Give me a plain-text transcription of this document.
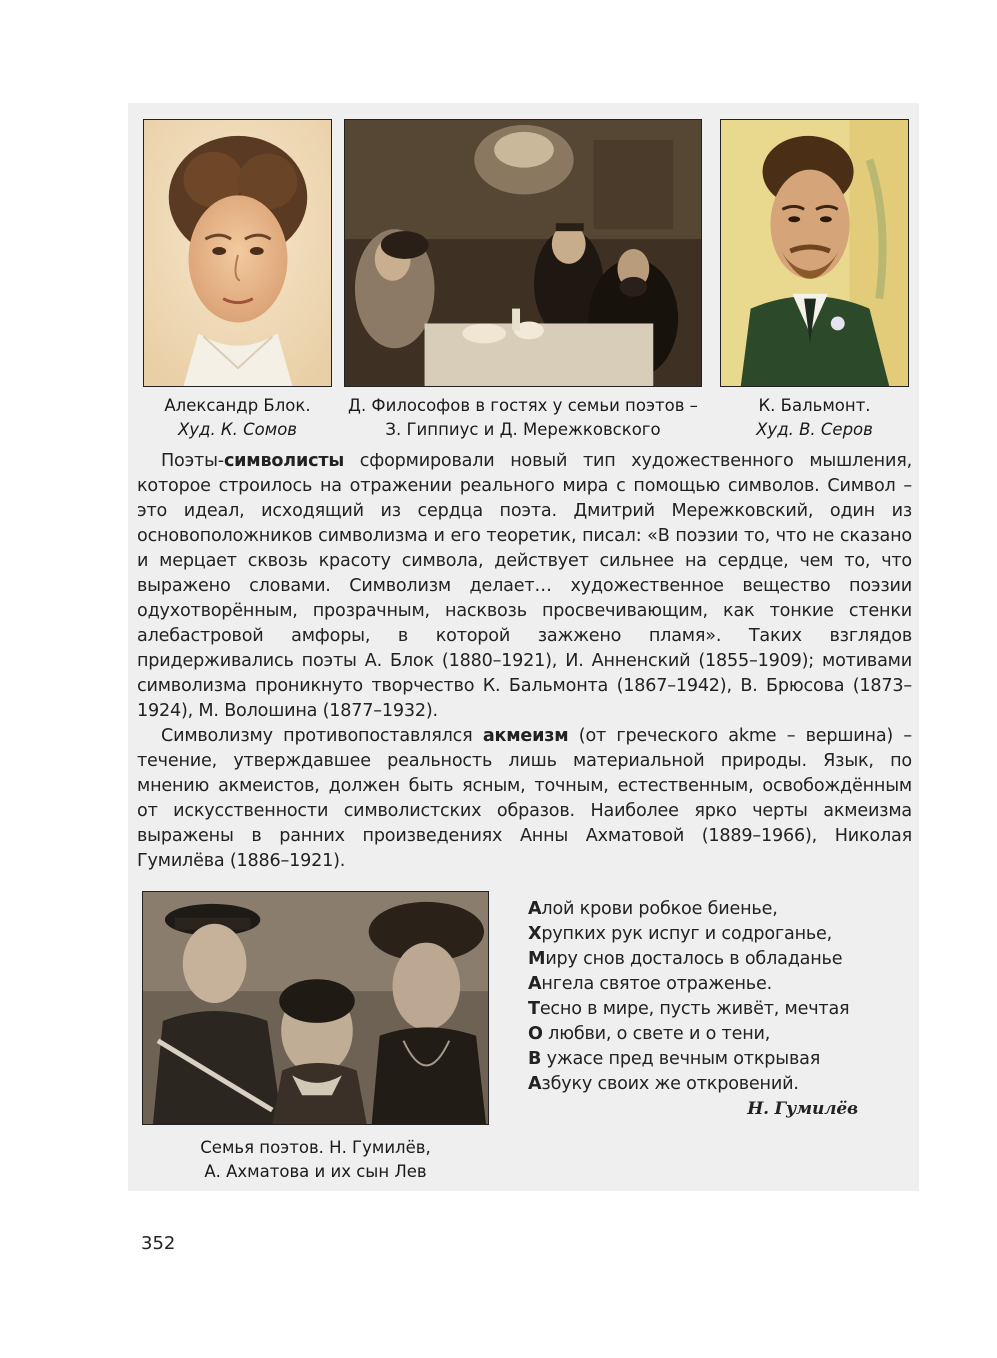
Александр Блок.
Худ. К. Сомов
Д. Философов в гостях у семьи поэтов –
З. Гиппиус и Д. Мережковского
К. Бальмонт.
Худ. В. Серов

Поэты-символисты сформировали новый тип художественного мышления, которое строилось на отражении реального мира с помощью символов. Символ – это идеал, исходящий из сердца поэта. Дмитрий Мережковский, один из основоположников символизма и его теоретик, писал: «В поэзии то, что не сказано и мерцает сквозь красоту символа, действует сильнее на сердце, чем то, что выражено словами. Символизм делает… художественное вещество поэзии одухотворённым, прозрачным, насквозь просвечивающим, как тонкие стенки алебастровой амфоры, в которой зажжено пламя». Таких взглядов придерживались поэты А. Блок (1880–1921), И. Анненский (1855–1909); мотивами символизма проникнуто творчество К. Бальмонта (1867–1942), В. Брюсова (1873–1924), М. Волошина (1877–1932).

Символизму противопоставлялся акмеизм (от греческого akme – вершина) – течение, утверждавшее реальность лишь материальной природы. Язык, по мнению акмеистов, должен быть ясным, точным, естественным, освобождённым от искусственности символистских образов. Наиболее ярко черты акмеизма выражены в ранних произведениях Анны Ахматовой (1889–1966), Николая Гумилёва (1886–1921).

Семья поэтов. Н. Гумилёв,
А. Ахматова и их сын Лев
Алой крови робкое биенье,
Хрупких рук испуг и содроганье,
Миру снов досталось в обладанье
Ангела святое отраженье.
Тесно в мире, пусть живёт, мечтая
О любви, о свете и о тени,
В ужасе пред вечным открывая
Азбуку своих же откровений.
Н. Гумилёв
352
